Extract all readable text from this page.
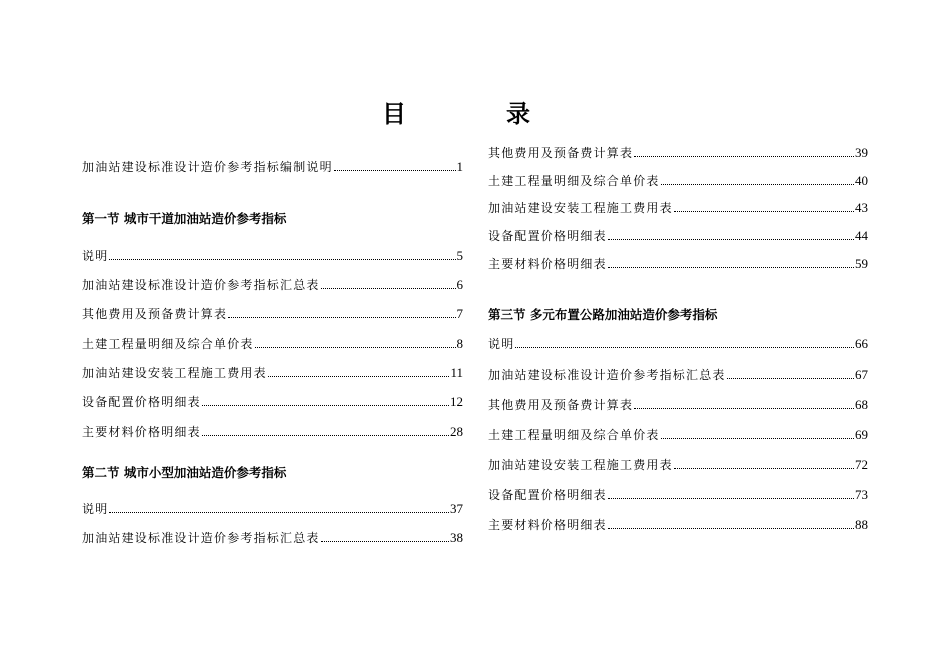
目　录
加油站建设标准设计造价参考指标编制说明	1
第一节 城市干道加油站造价参考指标
说明	5
加油站建设标准设计造价参考指标汇总表	6
其他费用及预备费计算表	7
土建工程量明细及综合单价表	8
加油站建设安装工程施工费用表	11
设备配置价格明细表	12
主要材料价格明细表	28
第二节 城市小型加油站造价参考指标
说明	37
加油站建设标准设计造价参考指标汇总表	38
其他费用及预备费计算表	39
土建工程量明细及综合单价表	40
加油站建设安装工程施工费用表	43
设备配置价格明细表	44
主要材料价格明细表	59
第三节 多元布置公路加油站造价参考指标
说明	66
加油站建设标准设计造价参考指标汇总表	67
其他费用及预备费计算表	68
土建工程量明细及综合单价表	69
加油站建设安装工程施工费用表	72
设备配置价格明细表	73
主要材料价格明细表	88
